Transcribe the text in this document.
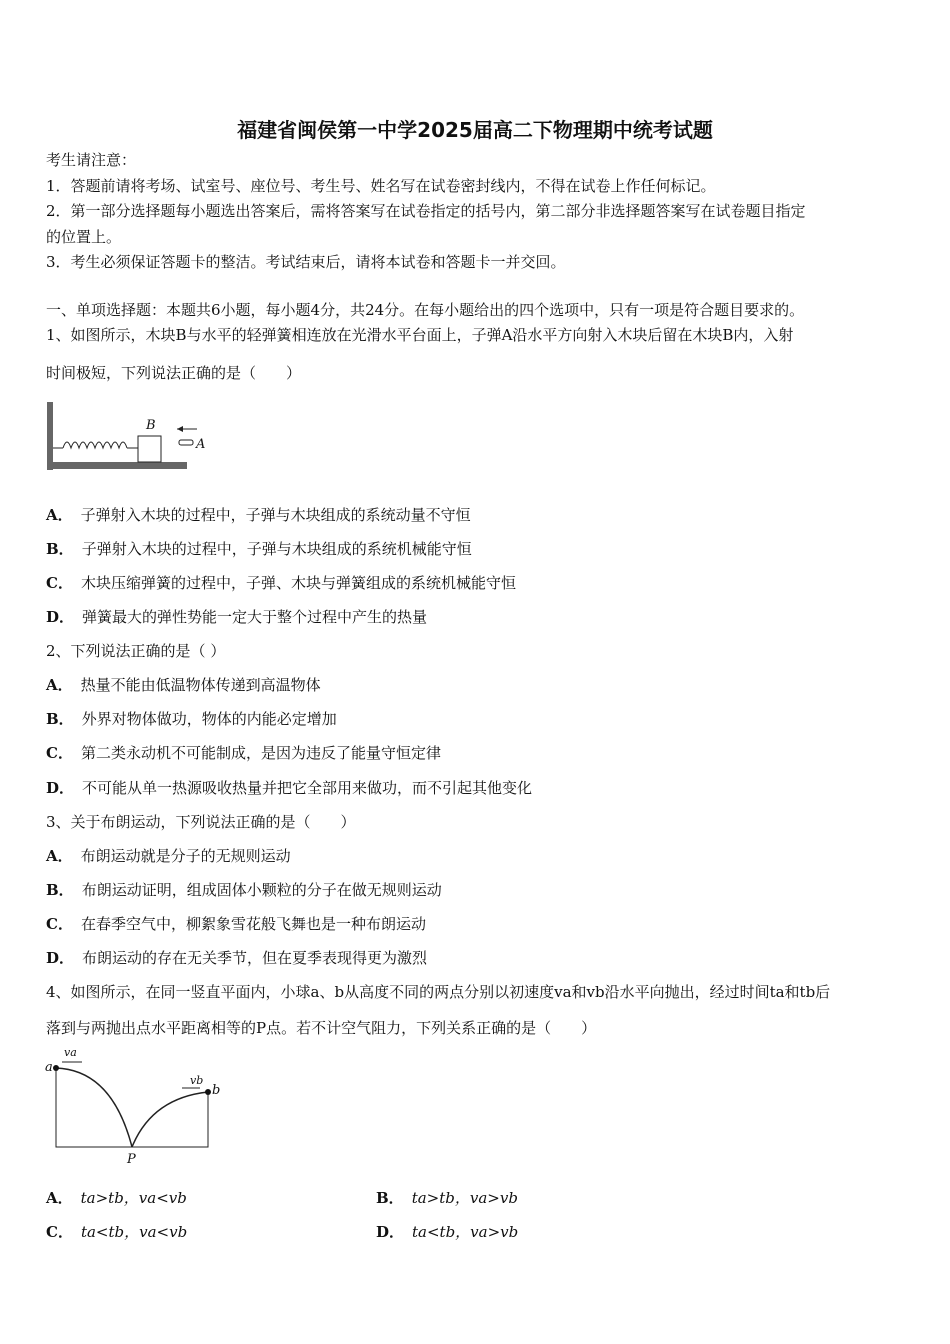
福建省闽侯第一中学2025届高二下物理期中统考试题
考生请注意：
1．答题前请将考场、试室号、座位号、考生号、姓名写在试卷密封线内，不得在试卷上作任何标记。
2．第一部分选择题每小题选出答案后，需将答案写在试卷指定的括号内，第二部分非选择题答案写在试卷题目指定
的位置上。
3．考生必须保证答题卡的整洁。考试结束后，请将本试卷和答题卡一并交回。
一、单项选择题：本题共6小题，每小题4分，共24分。在每小题给出的四个选项中，只有一项是符合题目要求的。
1、如图所示，木块B与水平的轻弹簧相连放在光滑水平台面上，子弹A沿水平方向射入木块后留在木块B内，入射
时间极短，下列说法正确的是（　　）
B
A
A． 子弹射入木块的过程中，子弹与木块组成的系统动量不守恒
B． 子弹射入木块的过程中，子弹与木块组成的系统机械能守恒
C． 木块压缩弹簧的过程中，子弹、木块与弹簧组成的系统机械能守恒
D． 弹簧最大的弹性势能一定大于整个过程中产生的热量
2、下列说法正确的是（ ）
A． 热量不能由低温物体传递到高温物体
B． 外界对物体做功，物体的内能必定增加
C． 第二类永动机不可能制成，是因为违反了能量守恒定律
D． 不可能从单一热源吸收热量并把它全部用来做功，而不引起其他变化
3、关于布朗运动，下列说法正确的是（　　）
A． 布朗运动就是分子的无规则运动
B． 布朗运动证明，组成固体小颗粒的分子在做无规则运动
C． 在春季空气中，柳絮象雪花般飞舞也是一种布朗运动
D． 布朗运动的存在无关季节，但在夏季表现得更为激烈
4、如图所示，在同一竖直平面内，小球a、b从高度不同的两点分别以初速度va和vb沿水平向抛出，经过时间ta和tb后
落到与两抛出点水平距离相等的P点。若不计空气阻力，下列关系正确的是（　　）
a
va
vb
b
P
A． ta>tb，va<vb	B． ta>tb，va>vb
C． ta<tb，va<vb	D． ta<tb，va>vb
